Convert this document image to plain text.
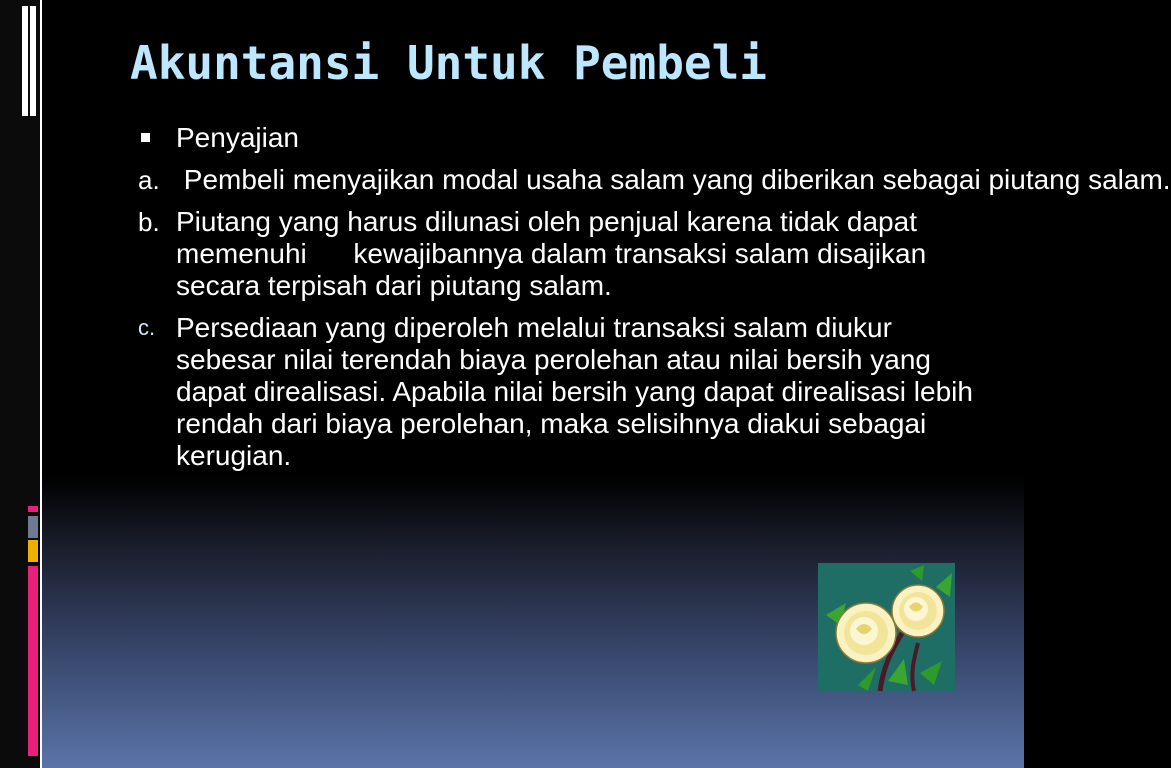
Akuntansi Untuk Pembeli
Penyajian
a. Pembeli menyajikan modal usaha salam yang diberikan sebagai piutang salam.
b. Piutang yang harus dilunasi oleh penjual karena tidak dapat memenuhi      kewajibannya dalam transaksi salam disajikan secara terpisah dari piutang salam.
c. Persediaan yang diperoleh melalui transaksi salam diukur sebesar nilai terendah biaya perolehan atau nilai bersih yang dapat direalisasi. Apabila nilai bersih yang dapat direalisasi lebih rendah dari biaya perolehan, maka selisihnya diakui sebagai kerugian.
